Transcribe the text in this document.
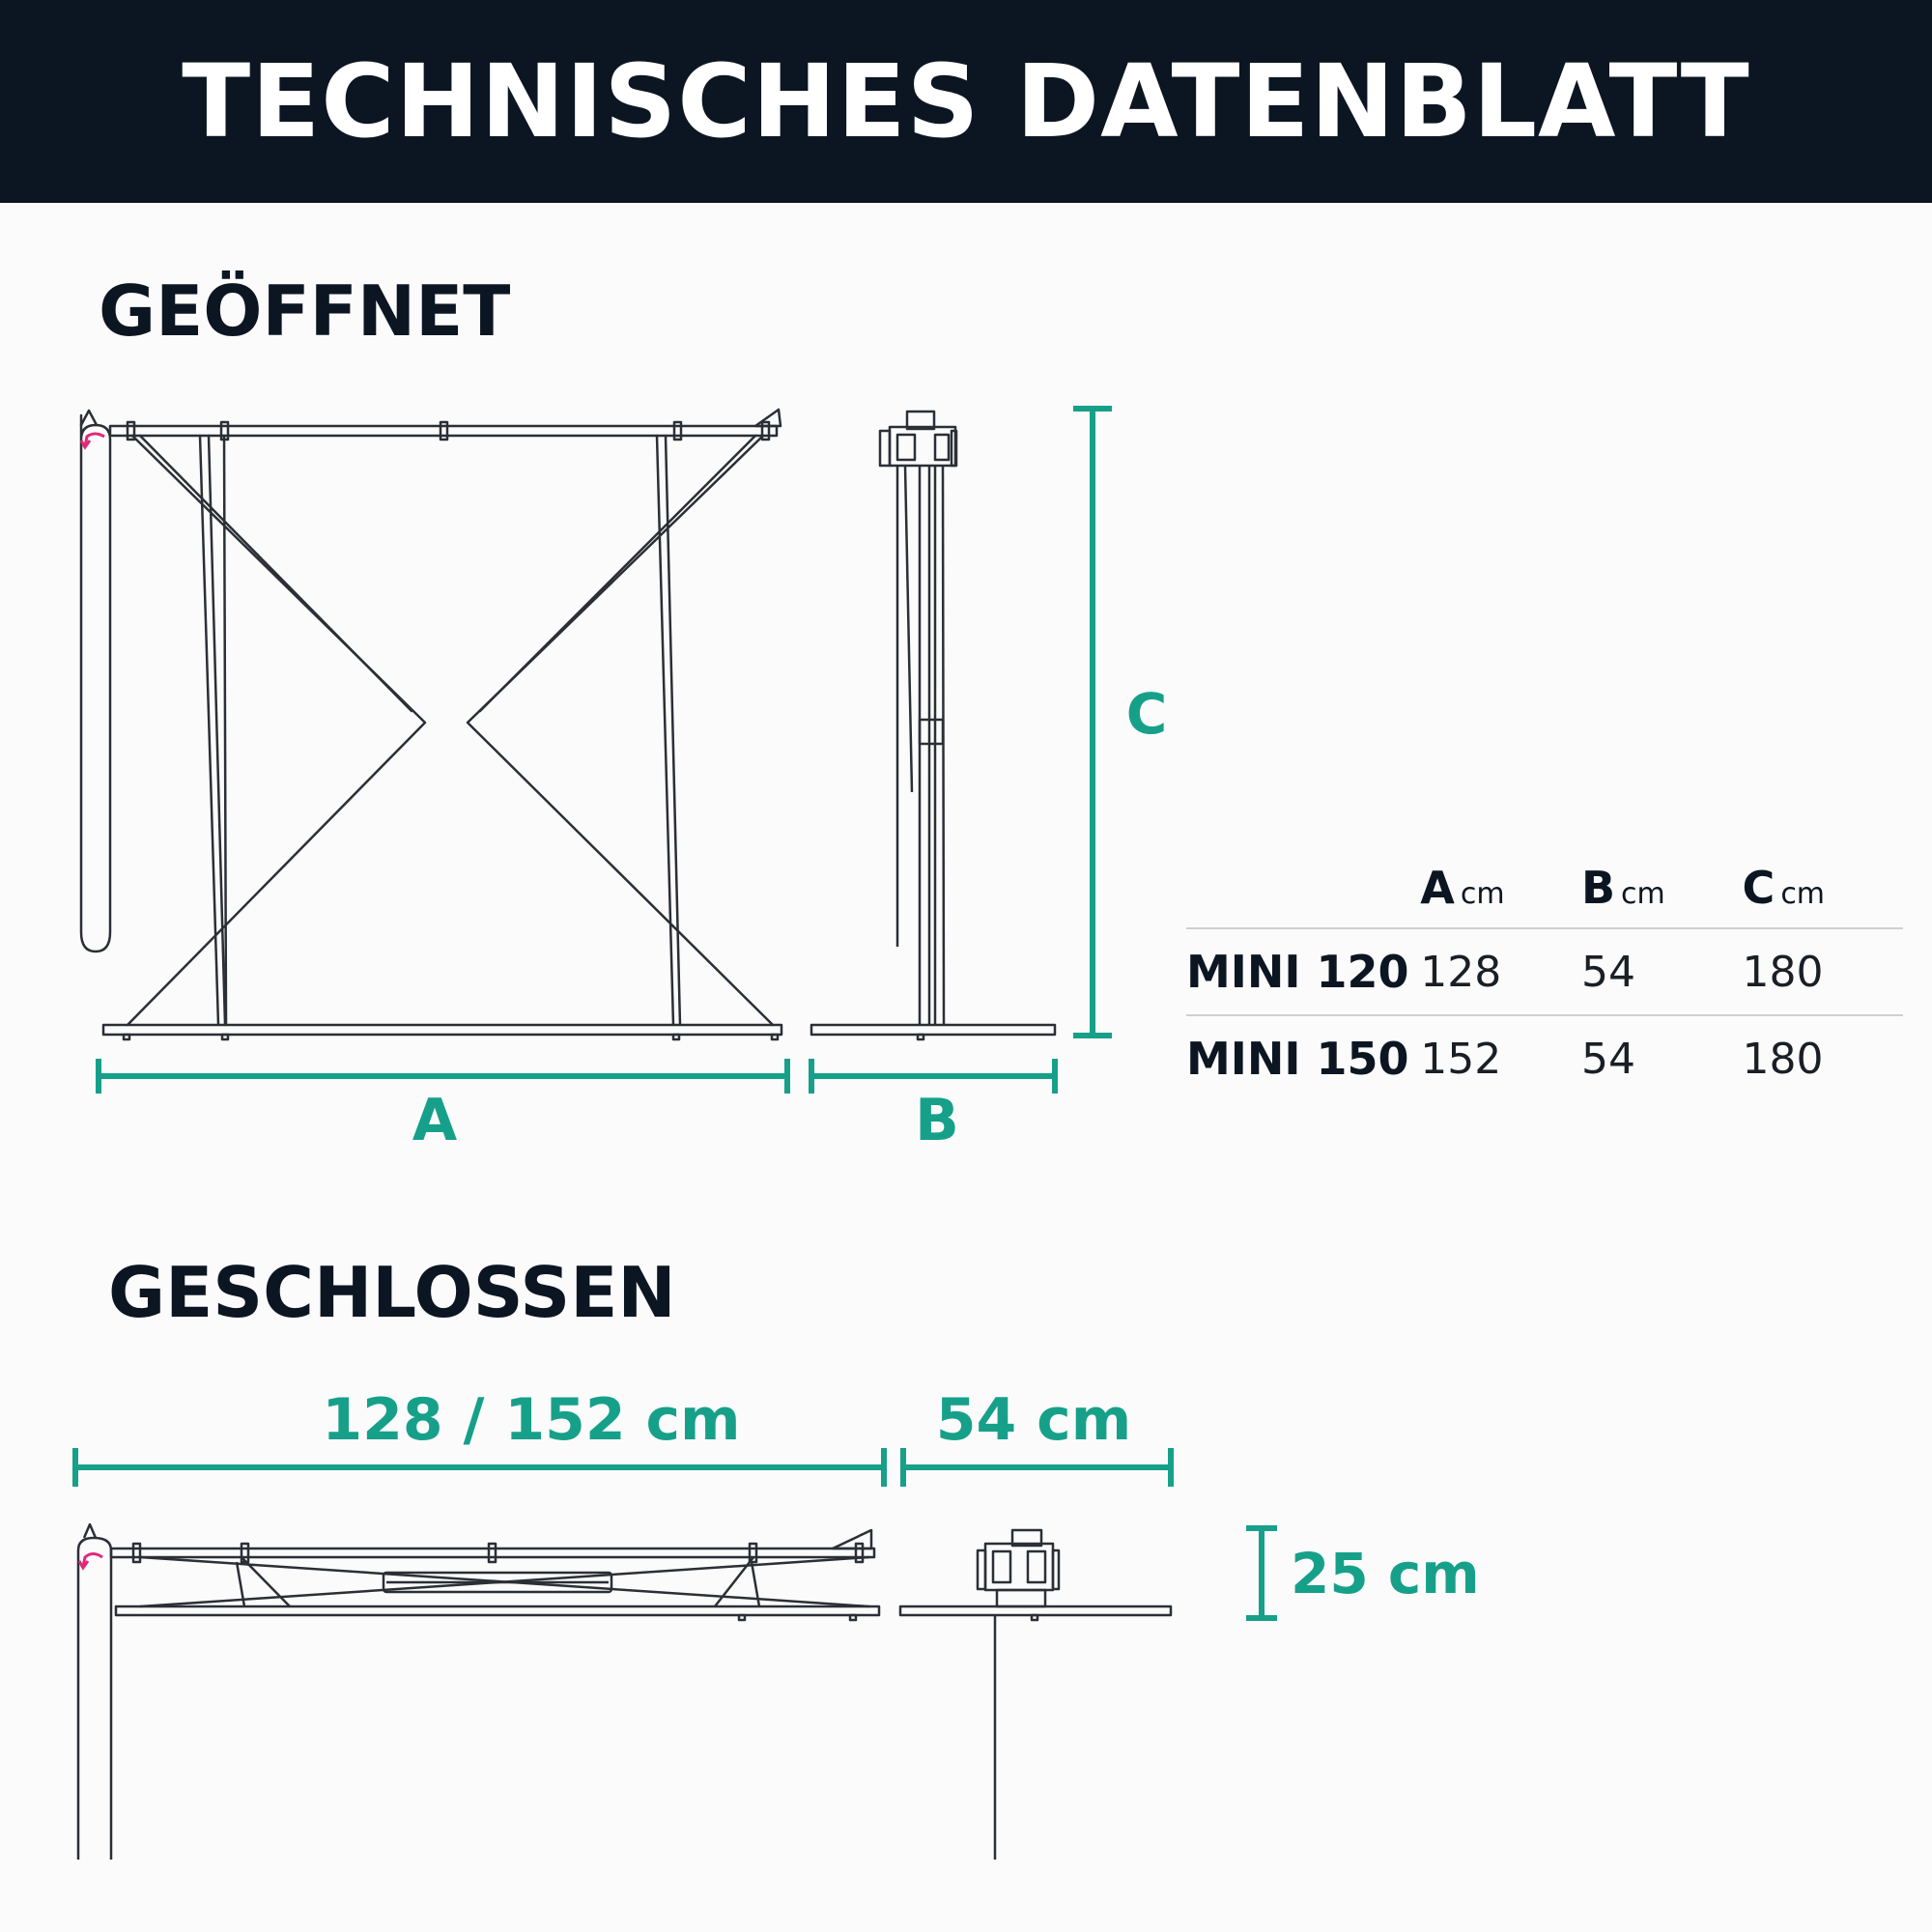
TECHNISCHES DATENBLATT
GEÖFFNET
GESCHLOSSEN
A	B
C
128 / 152 cm	54 cm
25 cm
	A cm	B cm	C cm
MINI 120	128	54	180
MINI 150	152	54	180
